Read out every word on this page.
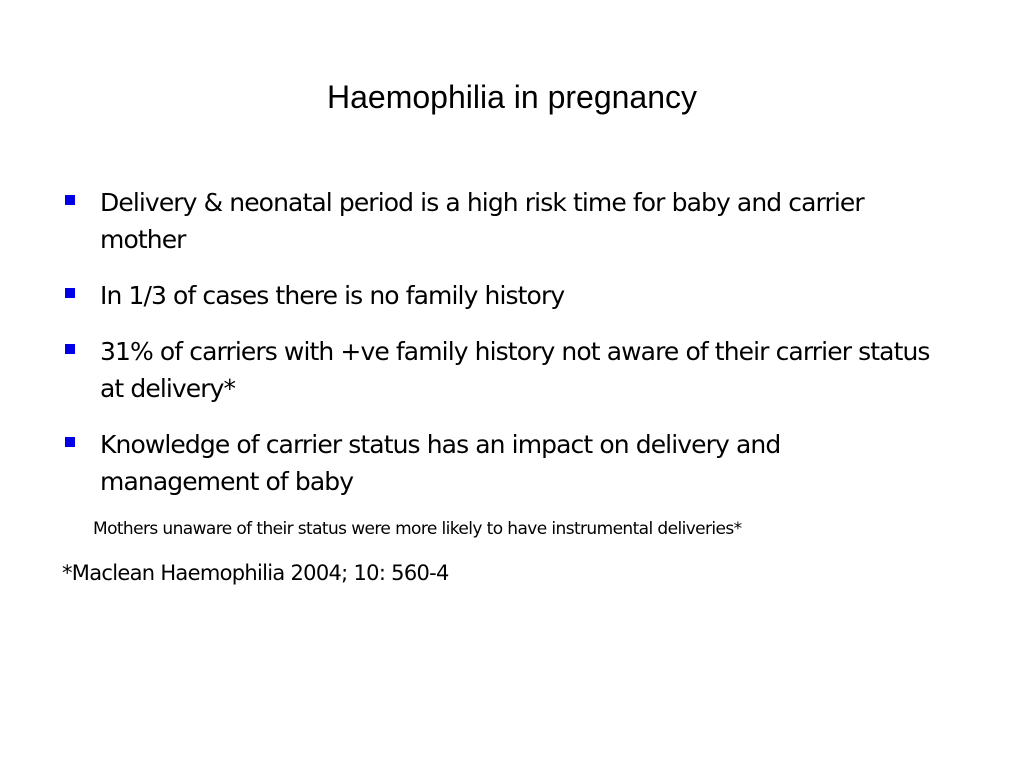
Haemophilia in pregnancy
Delivery & neonatal period is a high risk time for baby and carrier mother
In 1/3 of cases there is no family history
31% of carriers with +ve family history not aware of their carrier status at delivery*
Knowledge of carrier status has an impact on delivery and management of baby
Mothers unaware of their status were more likely to have instrumental deliveries*
*Maclean Haemophilia 2004; 10: 560-4
